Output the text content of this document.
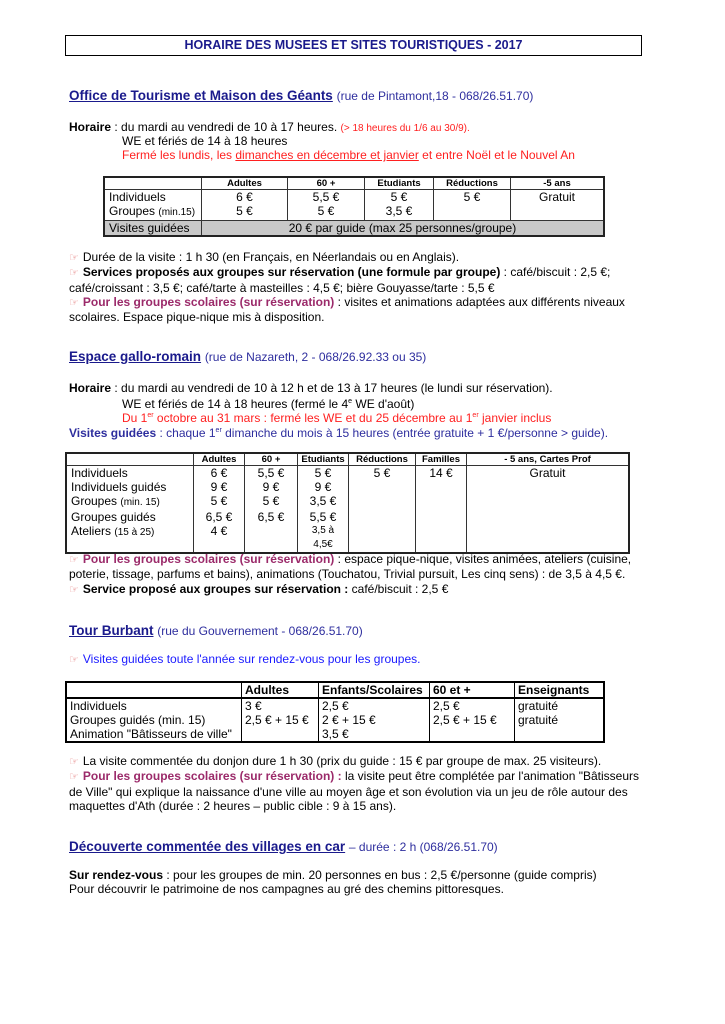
HORAIRE DES MUSEES ET SITES TOURISTIQUES - 2017
Office de Tourisme et Maison des Géants (rue de Pintamont,18 - 068/26.51.70)
Horaire : du mardi au vendredi de 10 à 17 heures. (> 18 heures du 1/6 au 30/9).
WE et fériés de 14 à 18 heures
Fermé les lundis, les dimanches en décembre et janvier et entre Noël et le Nouvel An
	Adultes	60 +	Etudiants	Réductions	-5 ans
Individuels	6 €	5,5 €	5 €	5 €	Gratuit
Groupes (min.15)	5 €	5 €	3,5 €		
Visites guidées	20 € par guide (max 25 personnes/groupe)				
☞ Durée de la visite : 1 h 30 (en Français, en Néerlandais ou en Anglais).
☞ Services proposés aux groupes sur réservation (une formule par groupe) : café/biscuit : 2,5 €; café/croissant : 3,5 €; café/tarte à masteilles : 4,5 €; bière Gouyasse/tarte : 5,5 €
☞ Pour les groupes scolaires (sur réservation) : visites et animations adaptées aux différents niveaux scolaires. Espace pique-nique mis à disposition.
Espace gallo-romain (rue de Nazareth, 2 - 068/26.92.33 ou 35)
Horaire : du mardi au vendredi de 10 à 12 h et de 13 à 17 heures (le lundi sur réservation).
WE et fériés de 14 à 18 heures (fermé le 4e WE d'août)
Du 1er octobre au 31 mars : fermé les WE et du 25 décembre au 1er janvier inclus
Visites guidées : chaque 1er dimanche du mois à 15 heures (entrée gratuite + 1 €/personne > guide).
	Adultes	60 +	Etudiants	Réductions	Familles	- 5 ans, Cartes Prof
Individuels	6 €	5,5 €	5 €	5 €	14 €	Gratuit
Individuels guidés	9 €	9 €	9 €			
Groupes (min. 15)	5 €	5 €	3,5 €			
Groupes guidés	6,5 €	6,5 €	5,5 €			
Ateliers (15 à 25)	4 €		3,5 à 4,5€			
☞ Pour les groupes scolaires (sur réservation) : espace pique-nique, visites animées, ateliers (cuisine, poterie, tissage, parfums et bains), animations (Touchatou, Trivial pursuit, Les cinq sens) : de 3,5 à 4,5 €.
☞ Service proposé aux groupes sur réservation : café/biscuit : 2,5 €
Tour Burbant (rue du Gouvernement - 068/26.51.70)
☞ Visites guidées toute l'année sur rendez-vous pour les groupes.
	Adultes	Enfants/Scolaires	60 et +	Enseignants
Individuels	3 €	2,5 €	2,5 €	gratuité
Groupes guidés (min. 15)	2,5 € + 15 €	2 € + 15 €	2,5 € + 15 €	gratuité
Animation "Bâtisseurs de ville"		3,5 €		
☞ La visite commentée du donjon dure 1 h 30 (prix du guide : 15 € par groupe de max. 25 visiteurs).
☞ Pour les groupes scolaires (sur réservation) : la visite peut être complétée par l'animation "Bâtisseurs de Ville" qui explique la naissance d'une ville au moyen âge et son évolution via un jeu de rôle autour des maquettes d'Ath (durée : 2 heures – public cible : 9 à 15 ans).
Découverte commentée des villages en car – durée : 2 h (068/26.51.70)
Sur rendez-vous : pour les groupes de min. 20 personnes en bus : 2,5 €/personne (guide compris)
Pour découvrir le patrimoine de nos campagnes au gré des chemins pittoresques.
